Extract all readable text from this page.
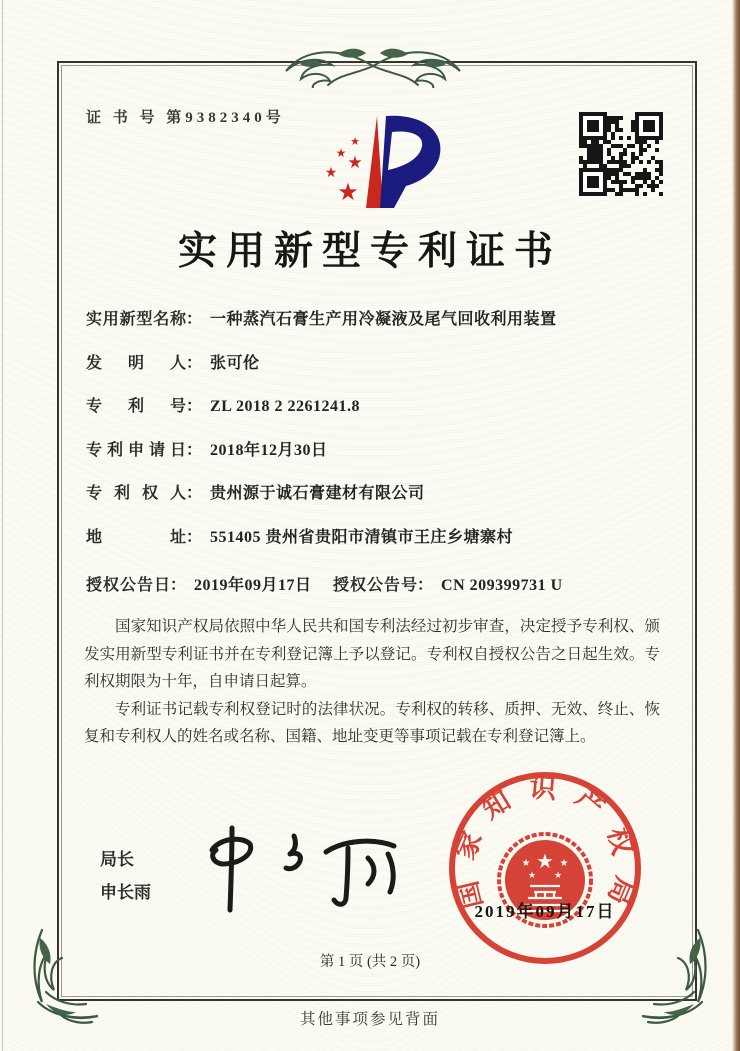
证 书 号 第9382340号
★
★ ★
★
★
实用新型专利证书
实用新型名称： 一种蒸汽石膏生产用冷凝液及尾气回收利用装置
发明人： 张可伦
专利号： ZL 2018 2 2261241.8
专利申请日： 2018年12月30日
专利权人： 贵州源于诚石膏建材有限公司
地址： 551405 贵州省贵阳市清镇市王庄乡塘寨村
授权公告日： 2019年09月17日 授权公告号： CN 209399731 U

国家知识产权局依照中华人民共和国专利法经过初步审查，决定授予专利权、颁发实用新型专利证书并在专利登记簿上予以登记。专利权自授权公告之日起生效。专利权期限为十年，自申请日起算。

专利证书记载专利权登记时的法律状况。专利权的转移、质押、无效、终止、恢复和专利权人的姓名或名称、国籍、地址变更等事项记载在专利登记簿上。

局长
申长雨	国家知识产权局
★
★	★
★ ★
2019年09月17日
第 1 页 (共 2 页)
其他事项参见背面
